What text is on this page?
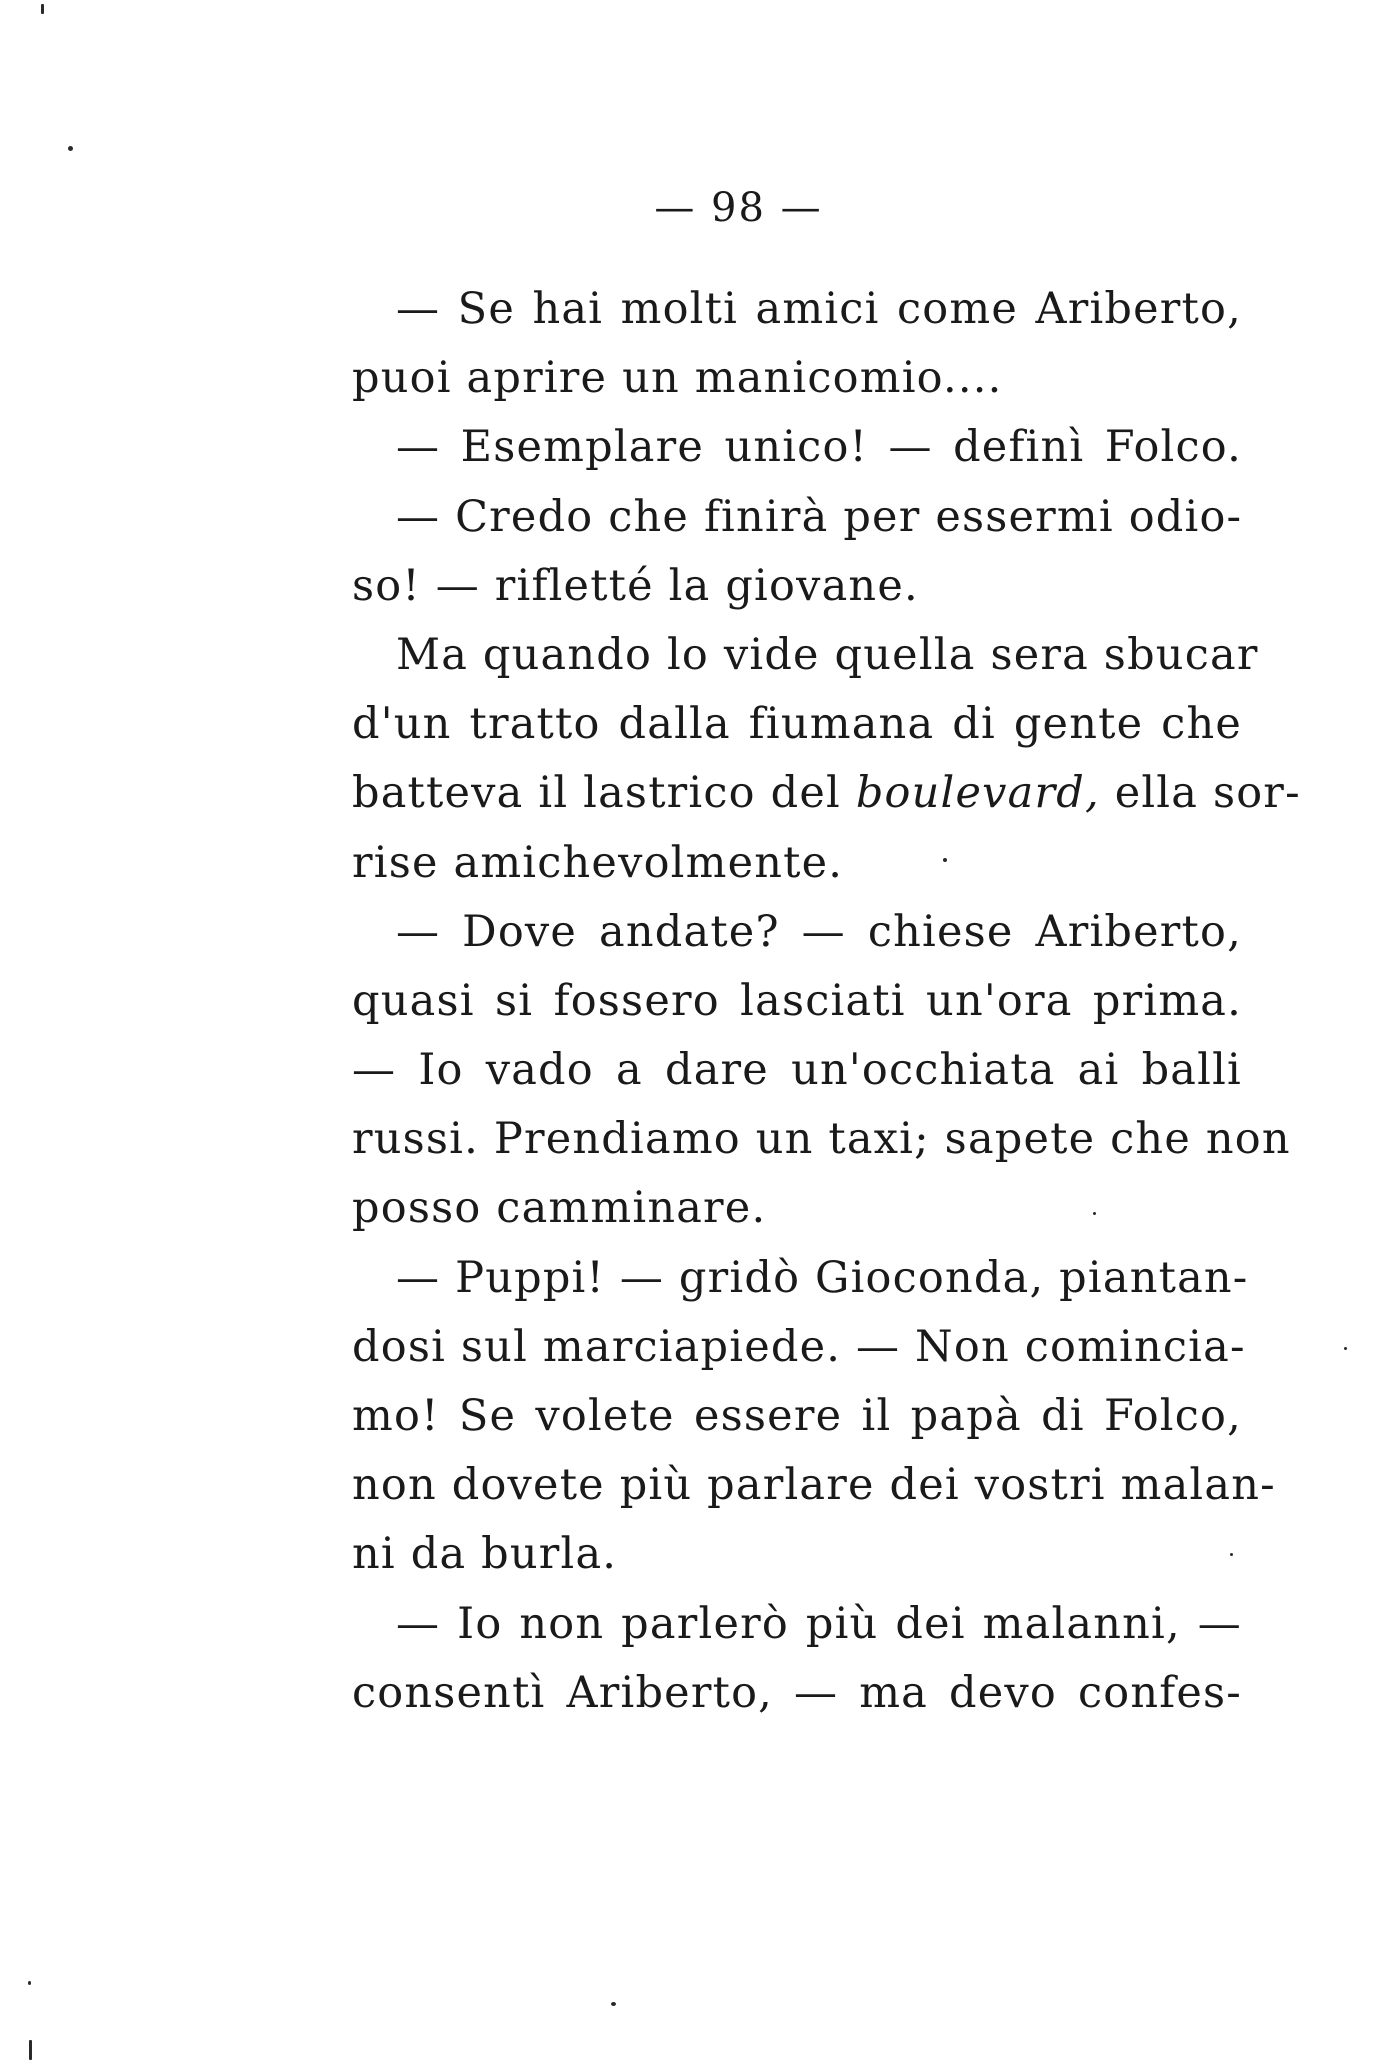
— 98 —
— Se hai molti amici come Ariberto,
puoi aprire un manicomio....
— Esemplare unico! — definì Folco.
— Credo che finirà per essermi odio-
so! — rifletté la giovane.
Ma quando lo vide quella sera sbucar
d'un tratto dalla fiumana di gente che
batteva il lastrico del boulevard, ella sor-
rise amichevolmente.
— Dove andate? — chiese Ariberto,
quasi si fossero lasciati un'ora prima.
— Io vado a dare un'occhiata ai balli
russi. Prendiamo un taxi; sapete che non
posso camminare.
— Puppi! — gridò Gioconda, piantan-
dosi sul marciapiede. — Non comincia-
mo! Se volete essere il papà di Folco,
non dovete più parlare dei vostri malan-
ni da burla.
— Io non parlerò più dei malanni, —
consentì Ariberto, — ma devo confes-
